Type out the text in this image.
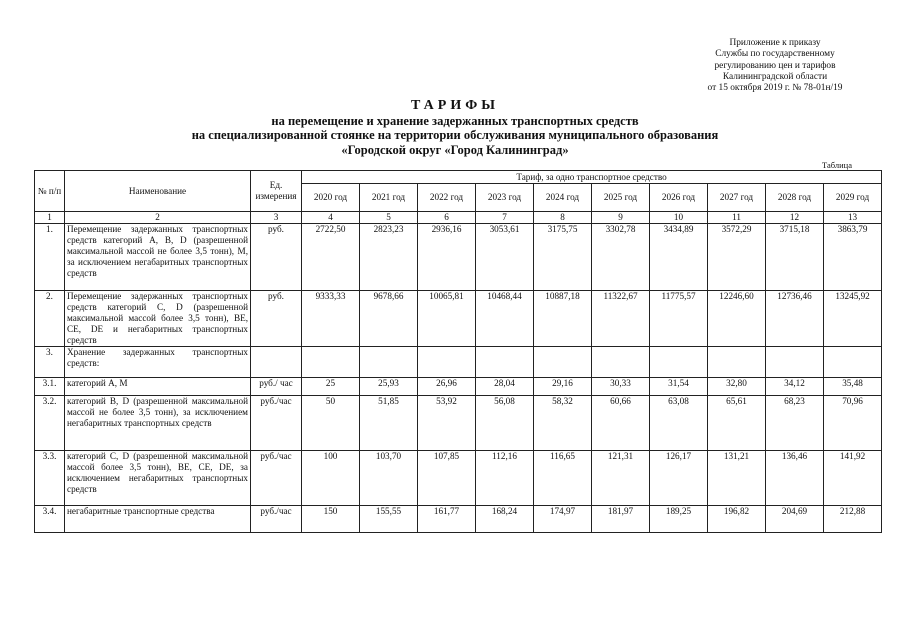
Приложение к приказу
Службы по государственному
регулированию цен и тарифов
Калининградской области
от 15 октября 2019 г. № 78-01н/19
ТАРИФЫ
на перемещение и хранение задержанных транспортных средств
на специализированной стоянке на территории обслуживания муниципального образования
«Городской округ «Город Калининград»
Таблица
№ п/п	Наименование	Ед. измерения	Тариф, за одно транспортное средство									
			2020 год	2021 год	2022 год	2023 год	2024 год	2025 год	2026 год	2027 год	2028 год	2029 год
1	2	3	4	5	6	7	8	9	10	11	12	13
1.	Перемещение задержанных транспортных средств категорий А, В, D (разрешенной максимальной массой не более 3,5 тонн), М, за исключением негабаритных транспортных средств	руб.	2722,50	2823,23	2936,16	3053,61	3175,75	3302,78	3434,89	3572,29	3715,18	3863,79
2.	Перемещение задержанных транспортных средств категорий С, D (разрешенной максимальной массой более 3,5 тонн), ВЕ, СЕ, DE и негабаритных транспортных средств	руб.	9333,33	9678,66	10065,81	10468,44	10887,18	11322,67	11775,57	12246,60	12736,46	13245,92
3.	Хранение задержанных транспортных средств:											
3.1.	категорий А, М	руб./ час	25	25,93	26,96	28,04	29,16	30,33	31,54	32,80	34,12	35,48
3.2.	категорий В, D (разрешенной максимальной массой не более 3,5 тонн), за исключением негабаритных транспортных средств	руб./час	50	51,85	53,92	56,08	58,32	60,66	63,08	65,61	68,23	70,96
3.3.	категорий С, D (разрешенной максимальной массой более 3,5 тонн), ВЕ, СЕ, DE, за исключением негабаритных транспортных средств	руб./час	100	103,70	107,85	112,16	116,65	121,31	126,17	131,21	136,46	141,92
3.4.	негабаритные транспортные средства	руб./час	150	155,55	161,77	168,24	174,97	181,97	189,25	196,82	204,69	212,88
